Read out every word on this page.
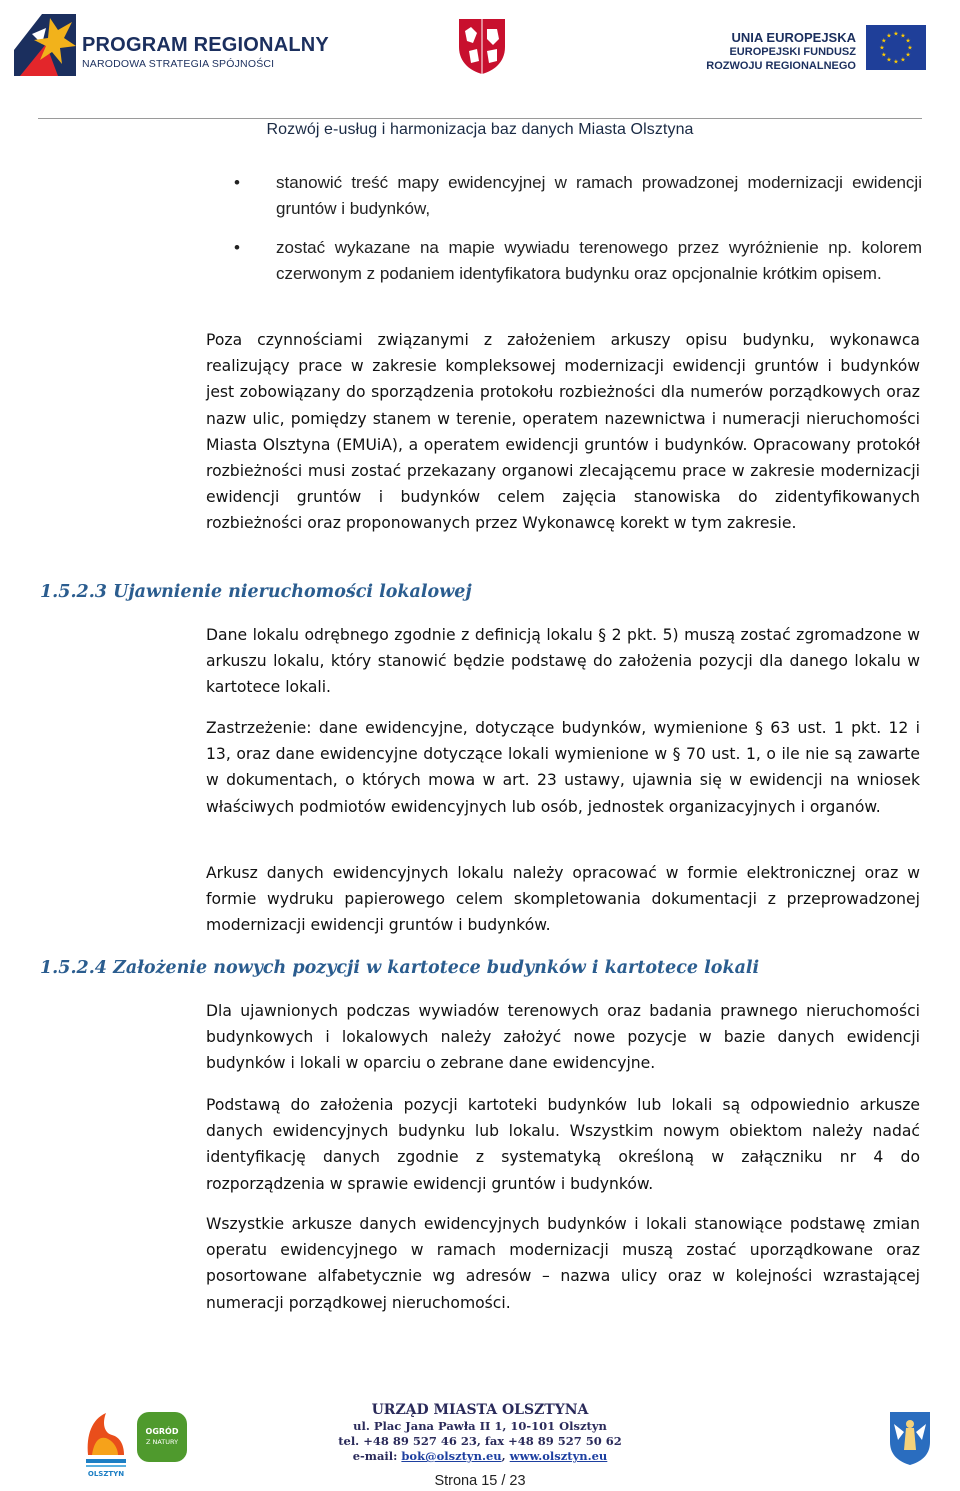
PROGRAM REGIONALNY
NARODOWA STRATEGIA SPÓJNOŚCI
UNIA EUROPEJSKA
EUROPEJSKI FUNDUSZ
ROZWOJU REGIONALNEGO
★
★
★
★
★
★
★
★
★ ★ ★
★
Rozwój e-usług i harmonizacja baz danych Miasta Olsztyna
• stanowić treść mapy ewidencyjnej w ramach prowadzonej modernizacji ewidencji gruntów i budynków,
• zostać wykazane na mapie wywiadu terenowego przez wyróżnienie np. kolorem czerwonym z podaniem identyfikatora budynku oraz opcjonalnie krótkim opisem.

Poza czynnościami związanymi z założeniem arkuszy opisu budynku, wykonawca realizujący prace w zakresie kompleksowej modernizacji ewidencji gruntów i budynków jest zobowiązany do sporządzenia protokołu rozbieżności dla numerów porządkowych oraz nazw ulic, pomiędzy stanem w terenie, operatem nazewnictwa i numeracji nieruchomości Miasta Olsztyna (EMUiA), a operatem ewidencji gruntów i budynków. Opracowany protokół rozbieżności musi zostać przekazany organowi zlecającemu prace w zakresie modernizacji ewidencji gruntów i budynków celem zajęcia stanowiska do zidentyfikowanych rozbieżności oraz proponowanych przez Wykonawcę korekt w tym zakresie.

1.5.2.3 Ujawnienie nieruchomości lokalowej

Dane lokalu odrębnego zgodnie z definicją lokalu § 2 pkt. 5) muszą zostać zgromadzone w arkuszu lokalu, który stanowić będzie podstawę do założenia pozycji dla danego lokalu w kartotece lokali.

Zastrzeżenie: dane ewidencyjne, dotyczące budynków, wymienione § 63 ust. 1 pkt. 12 i 13, oraz dane ewidencyjne dotyczące lokali wymienione w § 70 ust. 1, o ile nie są zawarte w dokumentach, o których mowa w art. 23 ustawy, ujawnia się w ewidencji na wniosek właściwych podmiotów ewidencyjnych lub osób, jednostek organizacyjnych i organów.

Arkusz danych ewidencyjnych lokalu należy opracować w formie elektronicznej oraz w formie wydruku papierowego celem skompletowania dokumentacji z przeprowadzonej modernizacji ewidencji gruntów i budynków.

1.5.2.4 Założenie nowych pozycji w kartotece budynków i kartotece lokali

Dla ujawnionych podczas wywiadów terenowych oraz badania prawnego nieruchomości budynkowych i lokalowych należy założyć nowe pozycje w bazie danych ewidencji budynków i lokali w oparciu o zebrane dane ewidencyjne.

Podstawą do założenia pozycji kartoteki budynków lub lokali są odpowiednio arkusze danych ewidencyjnych budynku lub lokalu. Wszystkim nowym obiektom należy nadać identyfikację danych zgodnie z systematyką określoną w załączniku nr 4 do rozporządzenia w sprawie ewidencji gruntów i budynków.

Wszystkie arkusze danych ewidencyjnych budynków i lokali stanowiące podstawę zmian operatu ewidencyjnego w ramach modernizacji muszą zostać uporządkowane oraz posortowane alfabetycznie wg adresów – nazwa ulicy oraz w kolejności wzrastającej numeracji porządkowej nieruchomości.

OLSZTYN
OGRÓD
Z NATURY
URZĄD MIASTA OLSZTYNA
ul. Plac Jana Pawła II 1, 10-101 Olsztyn
tel. +48 89 527 46 23, fax +48 89 527 50 62
e-mail: bok@olsztyn.eu, www.olsztyn.eu
Strona 15 / 23
